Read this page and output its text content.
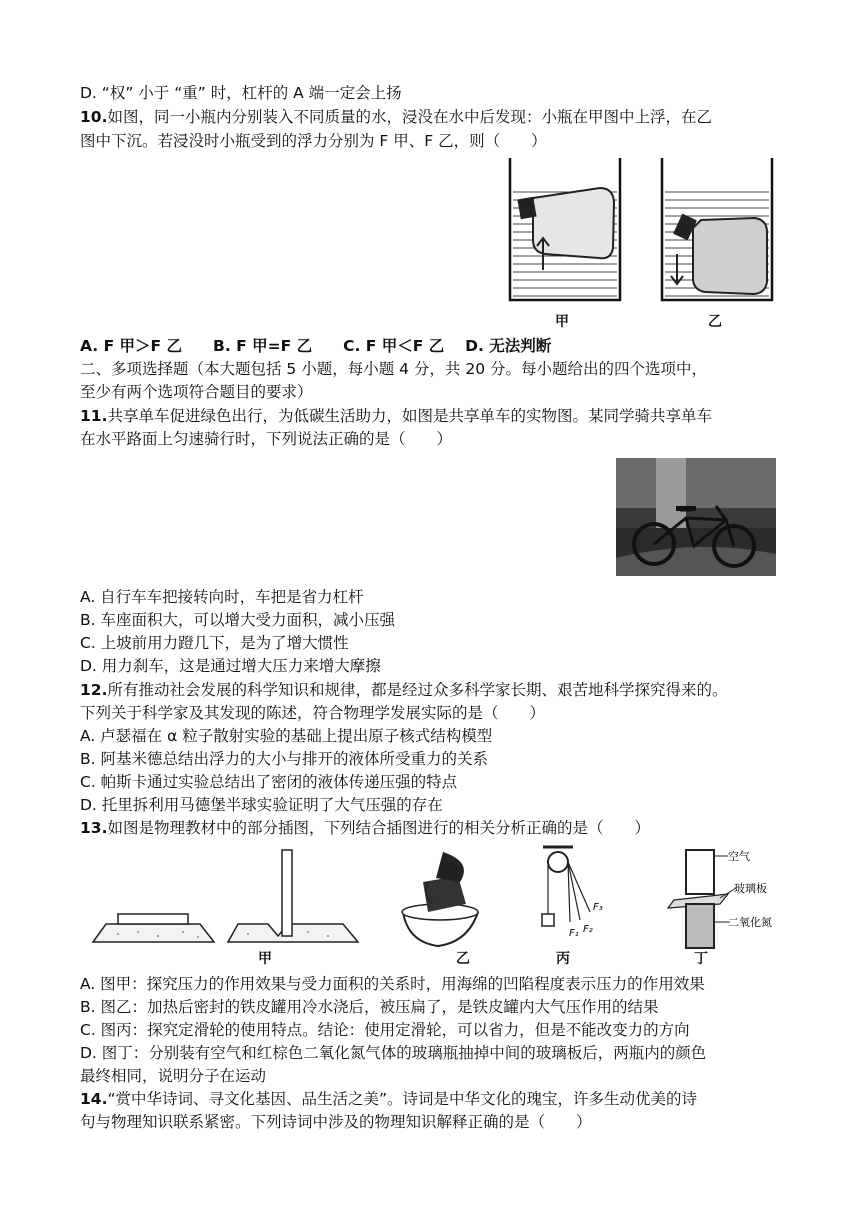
D. “权” 小于 “重” 时，杠杆的 A 端一定会上扬
10.如图，同一小瓶内分别装入不同质量的水，浸没在水中后发现：小瓶在甲图中上浮，在乙
图中下沉。若浸没时小瓶受到的浮力分别为 F 甲、F 乙，则（　　）
甲	乙
A. F 甲＞F 乙　　B. F 甲=F 乙　　C. F 甲＜F 乙　 D. 无法判断
二、多项选择题（本大题包括 5 小题，每小题 4 分，共 20 分。每小题给出的四个选项中，
至少有两个选项符合题目的要求）
11.共享单车促进绿色出行，为低碳生活助力，如图是共享单车的实物图。某同学骑共享单车
在水平路面上匀速骑行时，下列说法正确的是（　　）
A. 自行车车把接转向时，车把是省力杠杆
B. 车座面积大，可以增大受力面积，减小压强
C. 上坡前用力蹬几下，是为了增大惯性
D. 用力刹车，这是通过增大压力来增大摩擦
12.所有推动社会发展的科学知识和规律，都是经过众多科学家长期、艰苦地科学探究得来的。
下列关于科学家及其发现的陈述，符合物理学发展实际的是（　　）
A. 卢瑟福在 α 粒子散射实验的基础上提出原子核式结构模型
B. 阿基米德总结出浮力的大小与排开的液体所受重力的关系
C. 帕斯卡通过实验总结出了密闭的液体传递压强的特点
D. 托里拆利用马德堡半球实验证明了大气压强的存在
13.如图是物理教材中的部分插图，下列结合插图进行的相关分析正确的是（　　）
F₁ F₂
F₃
空气
玻璃板
二氧化氮
甲	乙	丙	丁
A. 图甲：探究压力的作用效果与受力面积的关系时，用海绵的凹陷程度表示压力的作用效果
B. 图乙：加热后密封的铁皮罐用冷水浇后，被压扁了，是铁皮罐内大气压作用的结果
C. 图丙：探究定滑轮的使用特点。结论：使用定滑轮，可以省力，但是不能改变力的方向
D. 图丁：分别装有空气和红棕色二氧化氮气体的玻璃瓶抽掉中间的玻璃板后，两瓶内的颜色
最终相同，说明分子在运动
14.“赏中华诗词、寻文化基因、品生活之美”。诗词是中华文化的瑰宝，许多生动优美的诗
句与物理知识联系紧密。下列诗词中涉及的物理知识解释正确的是（　　）
